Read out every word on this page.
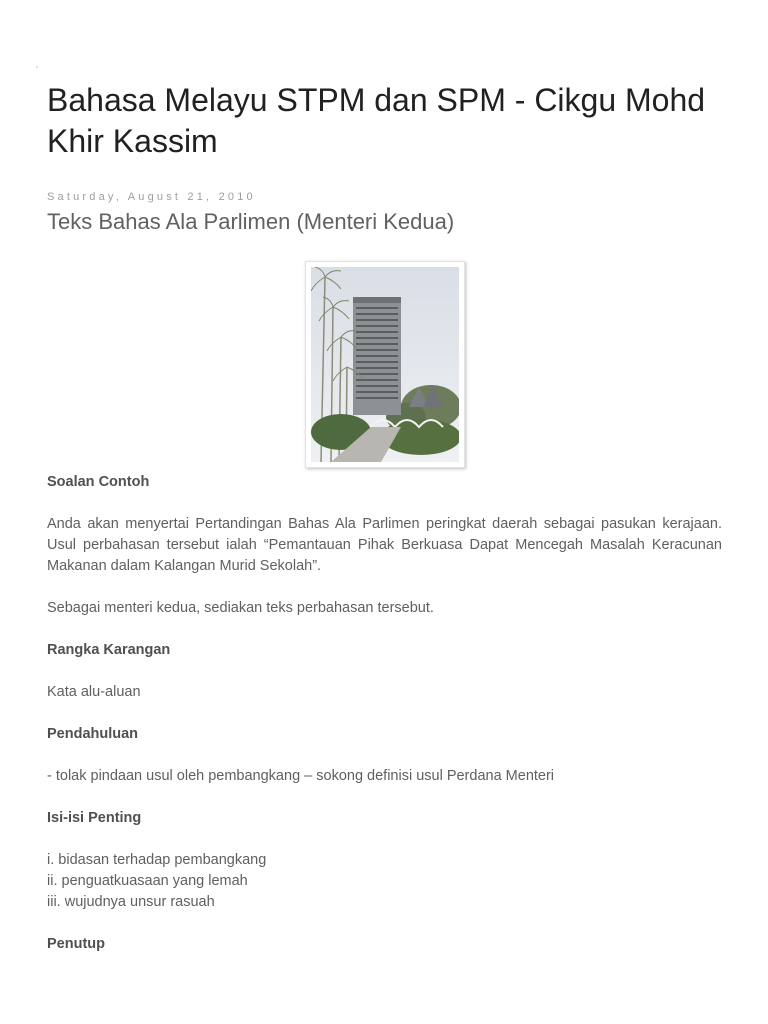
Bahasa Melayu STPM dan SPM - Cikgu Mohd Khir Kassim
Saturday, August 21, 2010
Teks Bahas Ala Parlimen (Menteri Kedua)

Soalan Contoh

Anda akan menyertai Pertandingan Bahas Ala Parlimen peringkat daerah sebagai pasukan kerajaan. Usul perbahasan tersebut ialah “Pemantauan Pihak Berkuasa Dapat Mencegah Masalah Keracunan Makanan dalam Kalangan Murid Sekolah”.

Sebagai menteri kedua, sediakan teks perbahasan tersebut.

Rangka Karangan

Kata alu-aluan

Pendahuluan

- tolak pindaan usul oleh pembangkang – sokong definisi usul Perdana Menteri

Isi-isi Penting

i. bidasan terhadap pembangkang

ii. penguatkuasaan yang lemah

iii. wujudnya unsur rasuah

Penutup
